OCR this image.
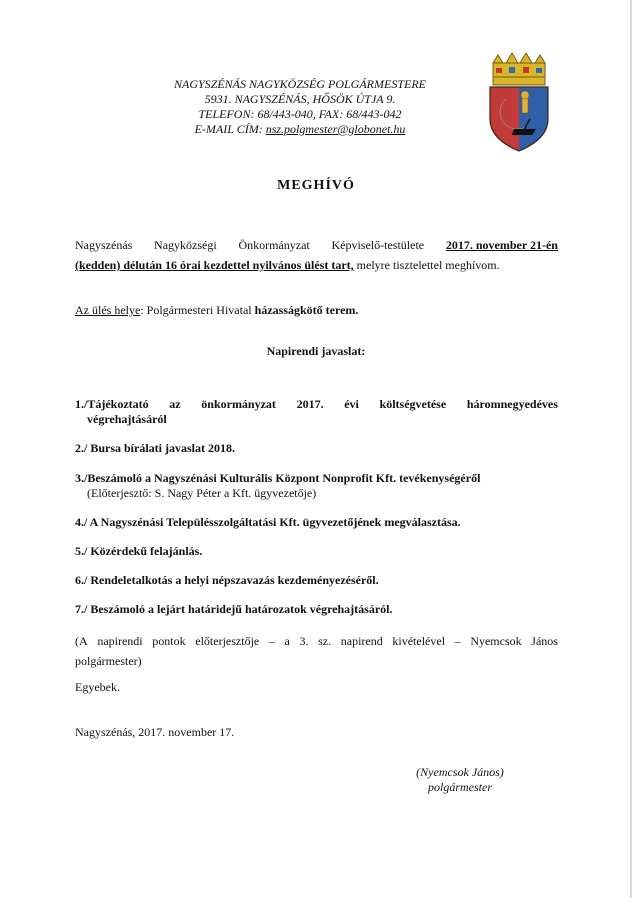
NAGYSZÉNÁS NAGYKÖZSÉG POLGÁRMESTERE
5931. NAGYSZÉNÁS, HŐSÖK ÚTJA 9.
TELEFON: 68/443-040, FAX: 68/443-042
E-MAIL CÍM: nsz.polgmester@globonet.hu
MEGHÍVÓ
Nagyszénás Nagyközségi Önkormányzat Képviselő-testülete 2017. november 21-én
(kedden) délután 16 órai kezdettel nyilvános ülést tart, melyre tisztelettel meghívom.
Az ülés helye: Polgármesteri Hivatal házasságkötő terem.
Napirendi javaslat:
1./Tájékoztató az önkormányzat 2017. évi költségvetése háromnegyedéves
végrehajtásáról
2./ Bursa bírálati javaslat 2018.
3./Beszámoló a Nagyszénási Kulturális Központ Nonprofit Kft. tevékenységéről
(Előterjesztő: S. Nagy Péter a Kft. ügyvezetője)
4./ A Nagyszénási Településszolgáltatási Kft. ügyvezetőjének megválasztása.
5./ Közérdekű felajánlás.
6./ Rendeletalkotás a helyi népszavazás kezdeményezéséről.
7./ Beszámoló a lejárt határidejű határozatok végrehajtásáról.
(A napirendi pontok előterjesztője – a 3. sz. napirend kivételével – Nyemcsok János
polgármester)
Egyebek.
Nagyszénás, 2017. november 17.
(Nyemcsok János)
polgármester
